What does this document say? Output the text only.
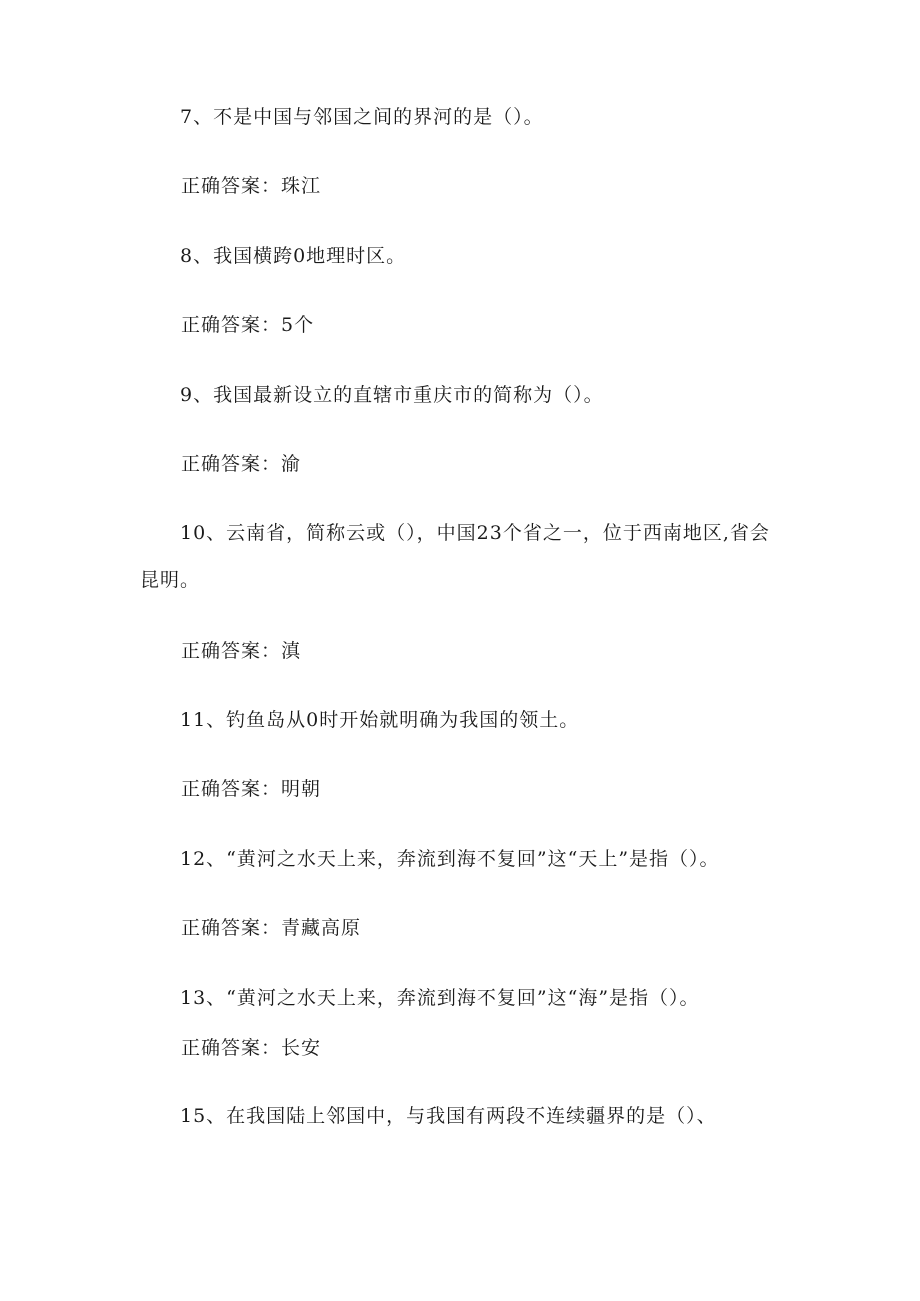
7、不是中国与邻国之间的界河的是（）。
正确答案：珠江
8、我国横跨0地理时区。
正确答案：5个
9、我国最新设立的直辖市重庆市的简称为（）。
正确答案：渝
10、云南省，简称云或（），中国23个省之一，位于西南地区,省会
昆明。
正确答案：滇
11、钓鱼岛从0时开始就明确为我国的领土。
正确答案：明朝
12、“黄河之水天上来，奔流到海不复回”这“天上”是指（）。
正确答案：青藏高原
13、“黄河之水天上来，奔流到海不复回”这“海”是指（）。
正确答案：长安
15、在我国陆上邻国中，与我国有两段不连续疆界的是（）、
